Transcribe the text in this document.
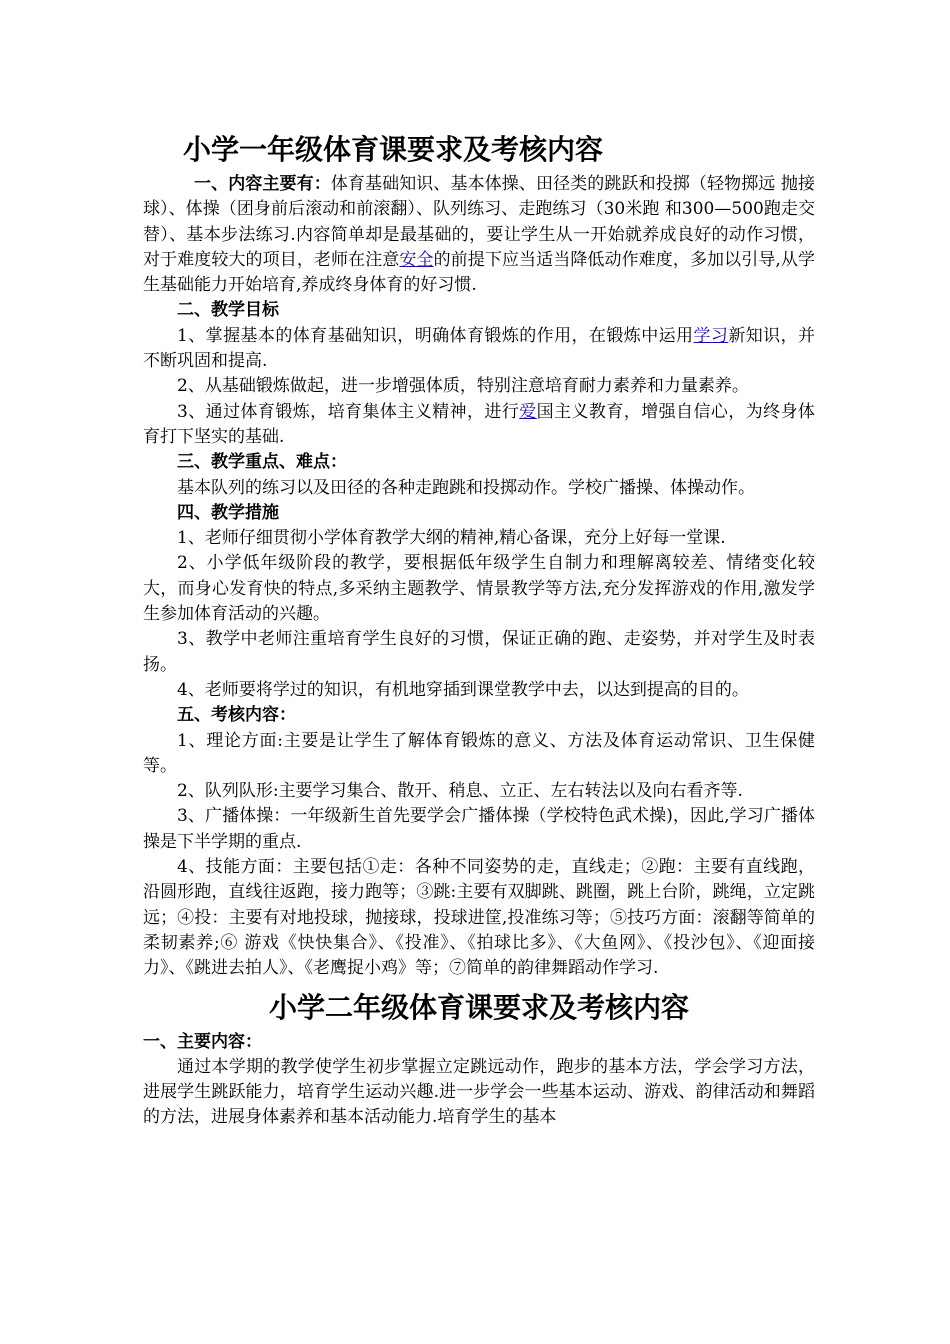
小学一年级体育课要求及考核内容

一、内容主要有：体育基础知识、基本体操、田径类的跳跃和投掷（轻物掷远 抛接球）、体操（团身前后滚动和前滚翻）、队列练习、走跑练习（30米跑 和300—500跑走交替）、基本步法练习.内容简单却是最基础的，要让学生从一开始就养成良好的动作习惯，对于难度较大的项目，老师在注意安全的前提下应当适当降低动作难度，多加以引导,从学生基础能力开始培育,养成终身体育的好习惯.

二、教学目标

1、掌握基本的体育基础知识，明确体育锻炼的作用，在锻炼中运用学习新知识，并不断巩固和提高.

2、从基础锻炼做起，进一步增强体质，特别注意培育耐力素养和力量素养。

3、通过体育锻炼，培育集体主义精神，进行爱国主义教育，增强自信心，为终身体育打下坚实的基础.

三、教学重点、难点：

基本队列的练习以及田径的各种走跑跳和投掷动作。学校广播操、体操动作。

四、教学措施

1、老师仔细贯彻小学体育教学大纲的精神,精心备课，充分上好每一堂课.

2、小学低年级阶段的教学，要根据低年级学生自制力和理解离较差、情绪变化较大，而身心发育快的特点,多采纳主题教学、情景教学等方法,充分发挥游戏的作用,激发学生参加体育活动的兴趣。

3、教学中老师注重培育学生良好的习惯，保证正确的跑、走姿势，并对学生及时表扬。

4、老师要将学过的知识，有机地穿插到课堂教学中去，以达到提高的目的。

五、考核内容：

1、理论方面:主要是让学生了解体育锻炼的意义、方法及体育运动常识、卫生保健等。

2、队列队形:主要学习集合、散开、稍息、立正、左右转法以及向右看齐等.

3、广播体操：一年级新生首先要学会广播体操（学校特色武术操)，因此,学习广播体操是下半学期的重点.

4、技能方面：主要包括①走：各种不同姿势的走，直线走；②跑：主要有直线跑，沿圆形跑，直线往返跑，接力跑等；③跳:主要有双脚跳、跳圈，跳上台阶，跳绳，立定跳远；④投：主要有对地投球，抛接球，投球进筐,投准练习等；⑤技巧方面：滚翻等简单的柔韧素养;⑥ 游戏《快快集合》、《投准》、《拍球比多》、《大鱼网》、《投沙包》、《迎面接力》、《跳进去拍人》、《老鹰捉小鸡》等；⑦简单的韵律舞蹈动作学习.

小学二年级体育课要求及考核内容

一、主要内容：

通过本学期的教学使学生初步掌握立定跳远动作，跑步的基本方法，学会学习方法，进展学生跳跃能力，培育学生运动兴趣.进一步学会一些基本运动、游戏、韵律活动和舞蹈的方法，进展身体素养和基本活动能力.培育学生的基本
